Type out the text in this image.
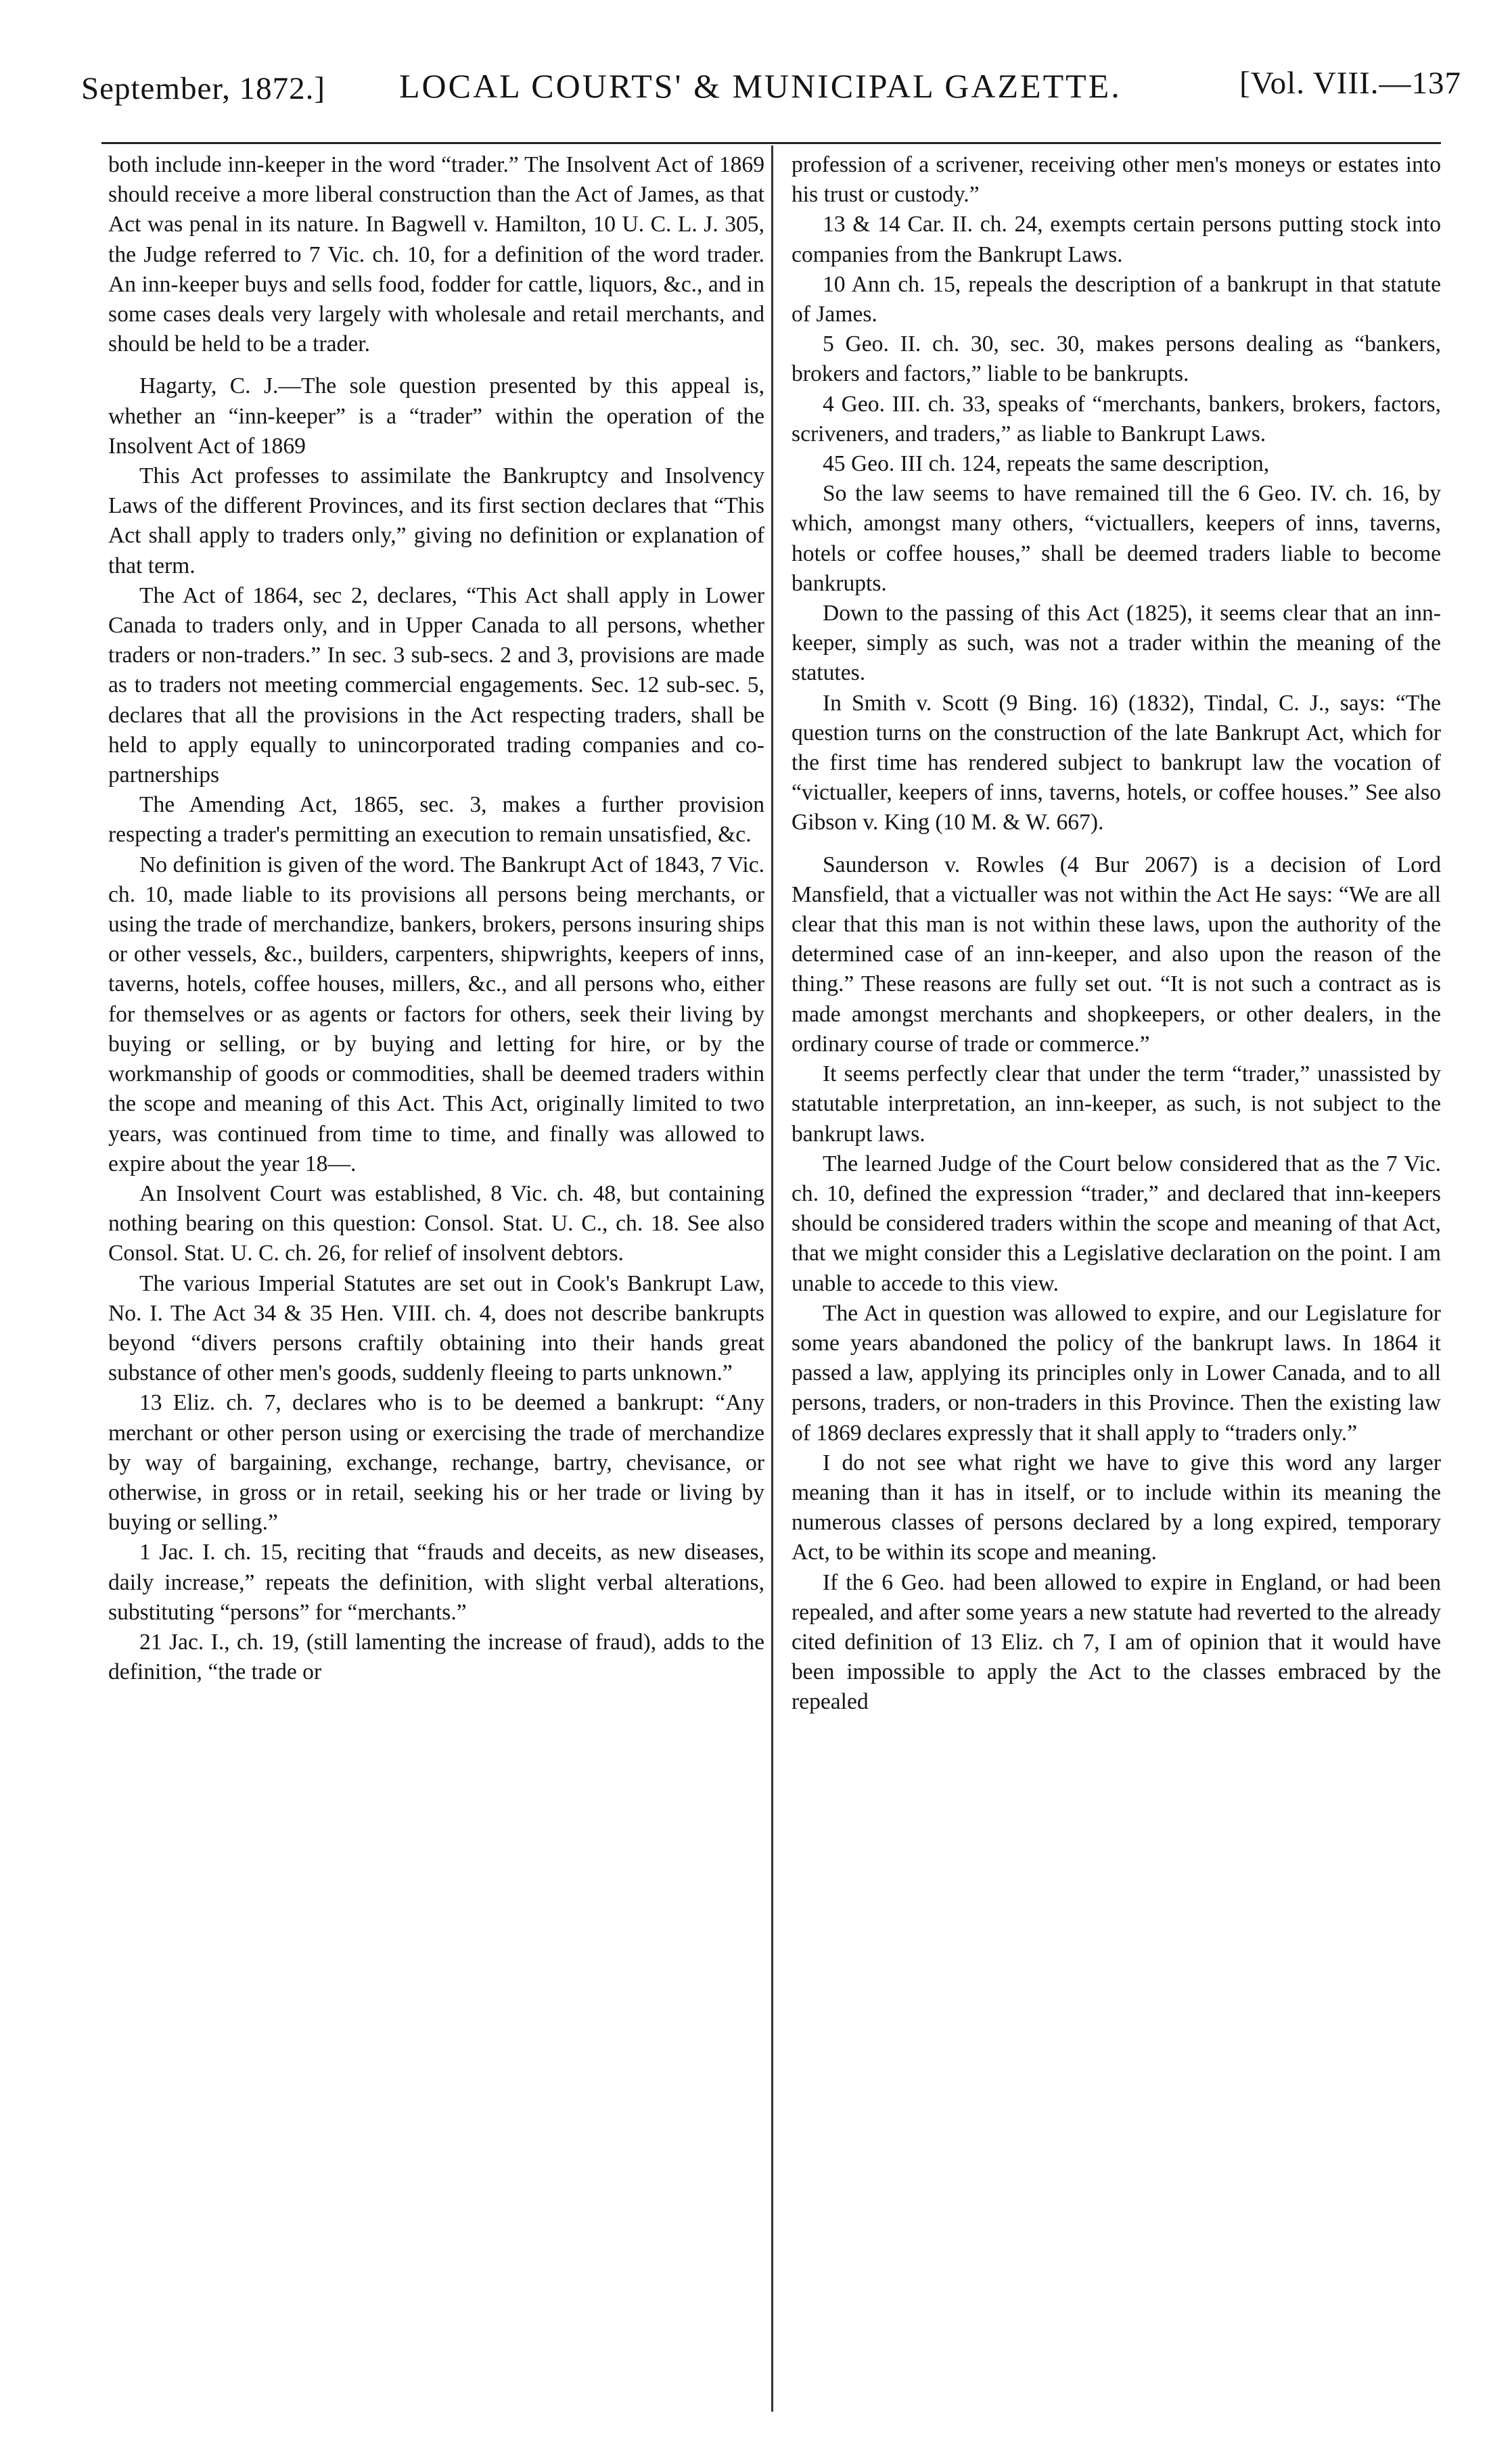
September, 1872.] LOCAL COURTS' & MUNICIPAL GAZETTE.	[Vol. VIII.—137

both include inn-keeper in the word “trader.” The Insolvent Act of 1869 should receive a more liberal construction than the Act of James, as that Act was penal in its nature. In Bagwell v. Hamilton, 10 U. C. L. J. 305, the Judge referred to 7 Vic. ch. 10, for a definition of the word trader. An inn-keeper buys and sells food, fodder for cattle, liquors, &c., and in some cases deals very largely with wholesale and retail merchants, and should be held to be a trader.

Hagarty, C. J.—The sole question presented by this appeal is, whether an “inn-keeper” is a “trader” within the operation of the Insolvent Act of 1869

This Act professes to assimilate the Bankruptcy and Insolvency Laws of the different Provinces, and its first section declares that “This Act shall apply to traders only,” giving no definition or explanation of that term.

The Act of 1864, sec 2, declares, “This Act shall apply in Lower Canada to traders only, and in Upper Canada to all persons, whether traders or non-traders.” In sec. 3 sub-secs. 2 and 3, provisions are made as to traders not meeting commercial engagements. Sec. 12 sub-sec. 5, declares that all the provisions in the Act respecting traders, shall be held to apply equally to unincorporated trading companies and co-partnerships

The Amending Act, 1865, sec. 3, makes a further provision respecting a trader's permitting an execution to remain unsatisfied, &c.

No definition is given of the word. The Bankrupt Act of 1843, 7 Vic. ch. 10, made liable to its provisions all persons being merchants, or using the trade of merchandize, bankers, brokers, persons insuring ships or other vessels, &c., builders, carpenters, shipwrights, keepers of inns, taverns, hotels, coffee houses, millers, &c., and all persons who, either for themselves or as agents or factors for others, seek their living by buying or selling, or by buying and letting for hire, or by the workmanship of goods or commodities, shall be deemed traders within the scope and meaning of this Act. This Act, originally limited to two years, was continued from time to time, and finally was allowed to expire about the year 18—.

An Insolvent Court was established, 8 Vic. ch. 48, but containing nothing bearing on this question: Consol. Stat. U. C., ch. 18. See also Consol. Stat. U. C. ch. 26, for relief of insolvent debtors.

The various Imperial Statutes are set out in Cook's Bankrupt Law, No. I. The Act 34 & 35 Hen. VIII. ch. 4, does not describe bankrupts beyond “divers persons craftily obtaining into their hands great substance of other men's goods, suddenly fleeing to parts unknown.”

13 Eliz. ch. 7, declares who is to be deemed a bankrupt: “Any merchant or other person using or exercising the trade of merchandize by way of bargaining, exchange, rechange, bartry, chevisance, or otherwise, in gross or in retail, seeking his or her trade or living by buying or selling.”

1 Jac. I. ch. 15, reciting that “frauds and deceits, as new diseases, daily increase,” repeats the definition, with slight verbal alterations, substituting “persons” for “merchants.”

21 Jac. I., ch. 19, (still lamenting the increase of fraud), adds to the definition, “the trade or

profession of a scrivener, receiving other men's moneys or estates into his trust or custody.”

13 & 14 Car. II. ch. 24, exempts certain persons putting stock into companies from the Bankrupt Laws.

10 Ann ch. 15, repeals the description of a bankrupt in that statute of James.

5 Geo. II. ch. 30, sec. 30, makes persons dealing as “bankers, brokers and factors,” liable to be bankrupts.

4 Geo. III. ch. 33, speaks of “merchants, bankers, brokers, factors, scriveners, and traders,” as liable to Bankrupt Laws.

45 Geo. III ch. 124, repeats the same description,

So the law seems to have remained till the 6 Geo. IV. ch. 16, by which, amongst many others, “victuallers, keepers of inns, taverns, hotels or coffee houses,” shall be deemed traders liable to become bankrupts.

Down to the passing of this Act (1825), it seems clear that an inn-keeper, simply as such, was not a trader within the meaning of the statutes.

In Smith v. Scott (9 Bing. 16) (1832), Tindal, C. J., says: “The question turns on the construction of the late Bankrupt Act, which for the first time has rendered subject to bankrupt law the vocation of “victualler, keepers of inns, taverns, hotels, or coffee houses.” See also Gibson v. King (10 M. & W. 667).

Saunderson v. Rowles (4 Bur 2067) is a decision of Lord Mansfield, that a victualler was not within the Act He says: “We are all clear that this man is not within these laws, upon the authority of the determined case of an inn-keeper, and also upon the reason of the thing.” These reasons are fully set out. “It is not such a contract as is made amongst merchants and shopkeepers, or other dealers, in the ordinary course of trade or commerce.”

It seems perfectly clear that under the term “trader,” unassisted by statutable interpretation, an inn-keeper, as such, is not subject to the bankrupt laws.

The learned Judge of the Court below considered that as the 7 Vic. ch. 10, defined the expression “trader,” and declared that inn-keepers should be considered traders within the scope and meaning of that Act, that we might consider this a Legislative declaration on the point. I am unable to accede to this view.

The Act in question was allowed to expire, and our Legislature for some years abandoned the policy of the bankrupt laws. In 1864 it passed a law, applying its principles only in Lower Canada, and to all persons, traders, or non-traders in this Province. Then the existing law of 1869 declares expressly that it shall apply to “traders only.”

I do not see what right we have to give this word any larger meaning than it has in itself, or to include within its meaning the numerous classes of persons declared by a long expired, temporary Act, to be within its scope and meaning.

If the 6 Geo. had been allowed to expire in England, or had been repealed, and after some years a new statute had reverted to the already cited definition of 13 Eliz. ch 7, I am of opinion that it would have been impossible to apply the Act to the classes embraced by the repealed
